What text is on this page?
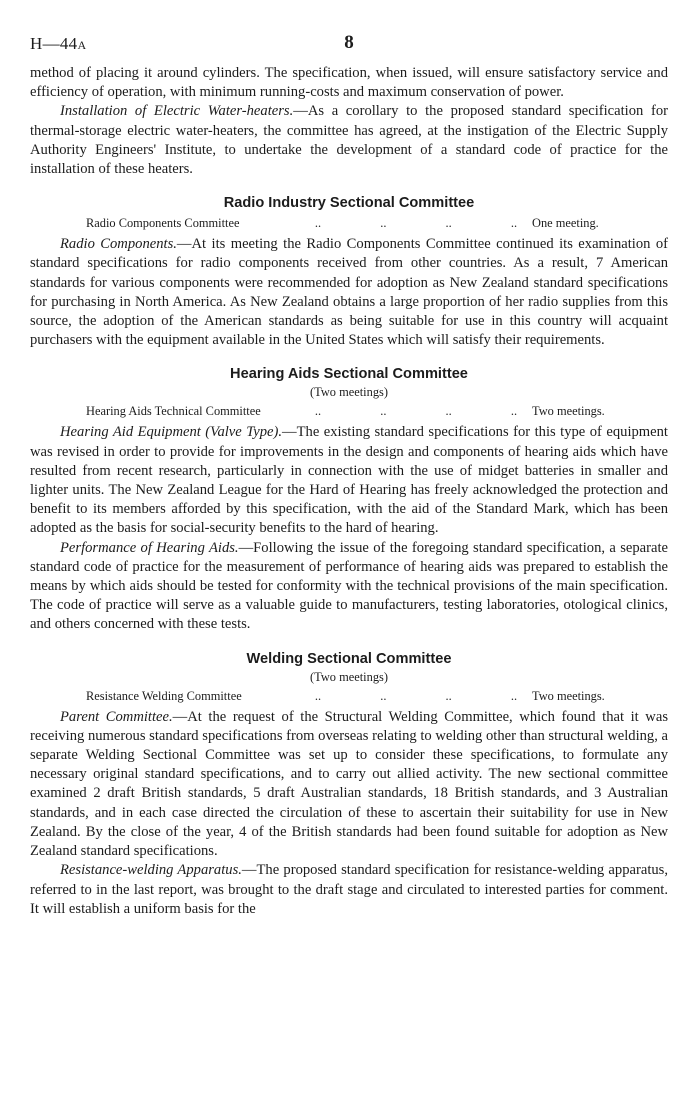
H—44A	8

method of placing it around cylinders. The specification, when issued, will ensure satisfactory service and efficiency of operation, with minimum running-costs and maximum conservation of power.

Installation of Electric Water-heaters.—As a corollary to the proposed standard specification for thermal-storage electric water-heaters, the committee has agreed, at the instigation of the Electric Supply Authority Engineers' Institute, to undertake the development of a standard code of practice for the installation of these heaters.

Radio Industry Sectional Committee
Radio Components Committee	..	..	..	.. One meeting.

Radio Components.—At its meeting the Radio Components Committee continued its examination of standard specifications for radio components received from other countries. As a result, 7 American standards for various components were recommended for adoption as New Zealand standard specifications for purchasing in North America. As New Zealand obtains a large proportion of her radio supplies from this source, the adoption of the American standards as being suitable for use in this country will acquaint purchasers with the equipment available in the United States which will satisfy their requirements.

Hearing Aids Sectional Committee
(Two meetings)
Hearing Aids Technical Committee	..	..	..	.. Two meetings.

Hearing Aid Equipment (Valve Type).—The existing standard specifications for this type of equipment was revised in order to provide for improvements in the design and components of hearing aids which have resulted from recent research, particularly in connection with the use of midget batteries in smaller and lighter units. The New Zealand League for the Hard of Hearing has freely acknowledged the protection and benefit to its members afforded by this specification, with the aid of the Standard Mark, which has been adopted as the basis for social-security benefits to the hard of hearing.

Performance of Hearing Aids.—Following the issue of the foregoing standard specification, a separate standard code of practice for the measurement of performance of hearing aids was prepared to establish the means by which aids should be tested for conformity with the technical provisions of the main specification. The code of practice will serve as a valuable guide to manufacturers, testing laboratories, otological clinics, and others concerned with these tests.

Welding Sectional Committee
(Two meetings)
Resistance Welding Committee	..	..	..	.. Two meetings.

Parent Committee.—At the request of the Structural Welding Committee, which found that it was receiving numerous standard specifications from overseas relating to welding other than structural welding, a separate Welding Sectional Committee was set up to consider these specifications, to formulate any necessary original standard specifications, and to carry out allied activity. The new sectional committee examined 2 draft British standards, 5 draft Australian standards, 18 British standards, and 3 Australian standards, and in each case directed the circulation of these to ascertain their suitability for use in New Zealand. By the close of the year, 4 of the British standards had been found suitable for adoption as New Zealand standard specifications.

Resistance-welding Apparatus.—The proposed standard specification for resistance-welding apparatus, referred to in the last report, was brought to the draft stage and circulated to interested parties for comment. It will establish a uniform basis for the
